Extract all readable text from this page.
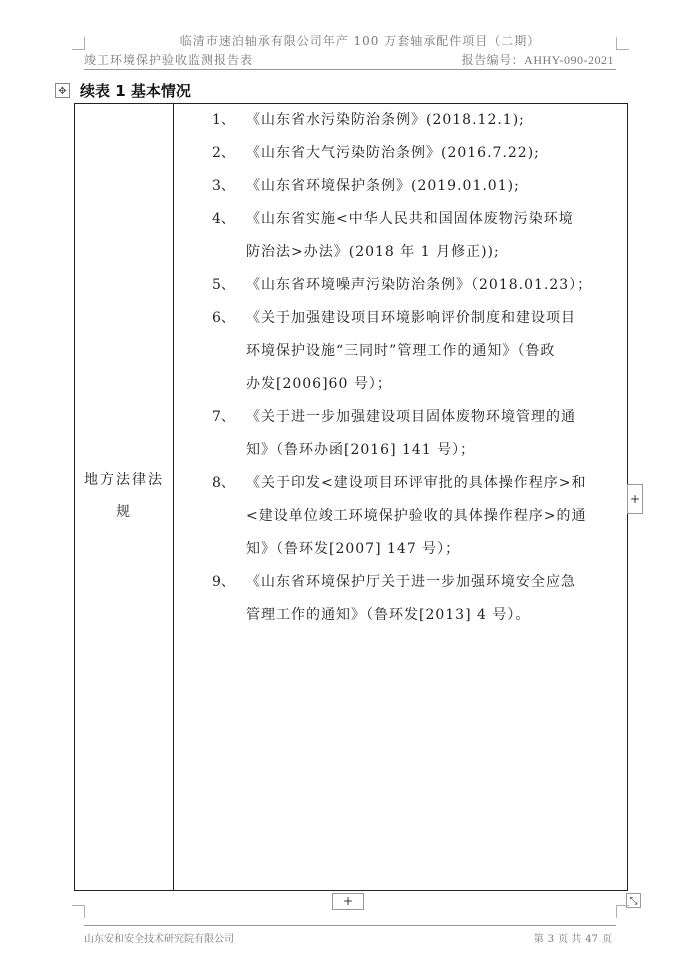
临清市速泊轴承有限公司年产 100 万套轴承配件项目（二期）
竣工环境保护验收监测报告表	报告编号：AHHY-090-2021
✥ 续表 1 基本情况
地方法律法
规
1、 《山东省水污染防治条例》(2018.12.1);
2、 《山东省大气污染防治条例》(2016.7.22);
3、 《山东省环境保护条例》(2019.01.01);
4、 《山东省实施<中华人民共和国固体废物污染环境
防治法>办法》(2018 年 1 月修正));
5、 《山东省环境噪声污染防治条例》（2018.01.23）；
6、 《关于加强建设项目环境影响评价制度和建设项目
环境保护设施“三同时”管理工作的通知》（鲁政
办发[2006]60 号）；
7、 《关于进一步加强建设项目固体废物环境管理的通
知》（鲁环办函[2016] 141 号）；
8、 《关于印发<建设项目环评审批的具体操作程序>和
<建设单位竣工环境保护验收的具体操作程序>的通
知》（鲁环发[2007] 147 号）；
9、 《山东省环境保护厅关于进一步加强环境安全应急
管理工作的通知》（鲁环发[2013] 4 号）。
+
+	⤡
山东安和安全技术研究院有限公司	第 3 页 共 47 页
